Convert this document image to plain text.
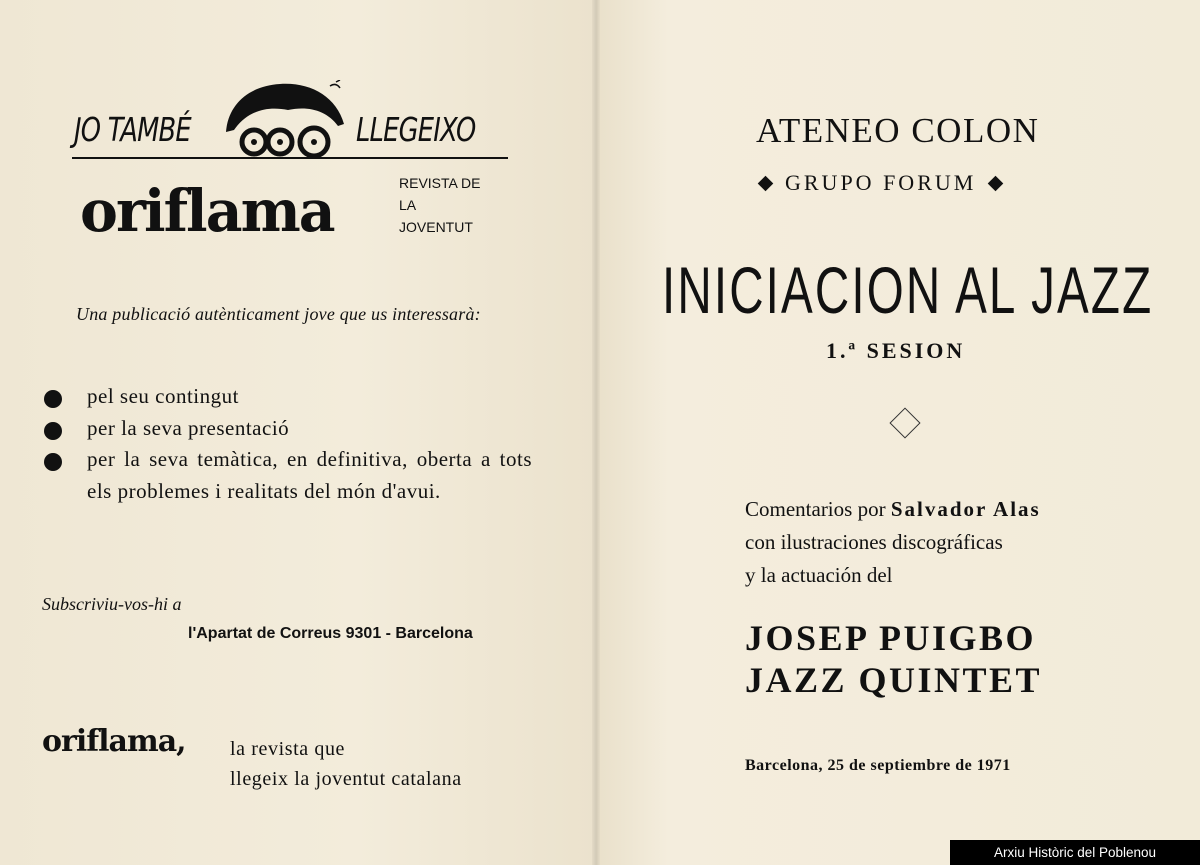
JO TAMBÉ	LLEGEIXO
oriflama	REVISTA DE
LA
JOVENTUT
Una publicació autènticament jove que us interessarà:
pel seu contingut
per la seva presentació
per la seva temàtica, en definitiva, oberta a tots els problemes i realitats del món d'avui.
Subscriviu-vos-hi a
l'Apartat de Correus 9301 - Barcelona
oriflama, la revista que
llegeix la joventut catalana
ATENEO COLON
GRUPO FORUM
INICIACION AL JAZZ
1.ª SESION
Comentarios por Salvador Alas
con ilustraciones discográficas
y la actuación del
JOSEP PUIGBO
JAZZ QUINTET
Barcelona, 25 de septiembre de 1971
Arxiu Històric del Poblenou
